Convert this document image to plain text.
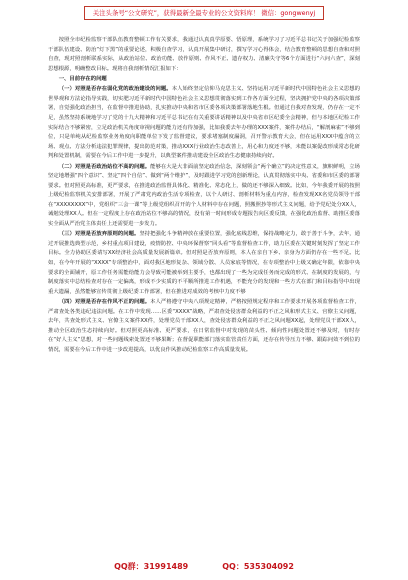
关注头条号“公文研究”，获得最新全最专业的公文资料库！ 微信：gongwenyj

按照全市纪检监察干部队伍教育整顿工作有关要求，我通过认真真学原要、悟原理，系统学习了习近平总书记关于加强纪检监察干部队伍建设、防治“灯下黑”的重要论述，积极自查学习，认真开展集中研讨，撰写学习心得体会，结合教育整顿的思想自查和对照自查，现对照剖析联系实际，从政治站位、政治功能、放作原则、作风不正、遗存权力、清廉失守等6个方面进行“六问六查”，深刻思想根源，明确整改目标。现将自我剖析情况汇报如下：

一、目前存在的问题

（一）对照是否存在弱化党的政治建设的问题。本人始终坚定信仰马克思主义、坚持运用习近平新时代中国特色社会主义思想的世界观和方法论指导实践，切实肥习近平新时代中国特色社会主义思想贯彻落实到工作各方面全过程，坚决拥护党中央的各项决策部署，自觉强化政治担当，在监督中推进协助，扎实推动中央和省市区委各项决策部署落地生根。但通过自我对查发现，仍存在一定不足，虽然坚持系统地学习了党的十九大精神和习近平总书记在有关重要讲话精神以及中央省市区纪委全会精神，但与本地区纪检工作实际结合不够紧密，立足政治机关角度审视问题的能力还有待加强，比如我委去年办理的XXX案件，案件办结后，“解剖麻雀”不够到位，只是单纯从纪检监察业务角度向职能单位下发了监督建议，要求堵塞制度漏洞，召开警示教育大会，但在运用XXX中蕴含的立场、观点、方法分析违法犯罪规律，提出防范对策，推动XXX行业政治生态改善上，用心和力度还不够，未能以案促改形成常态化研判和处置机制，需要在今后工作中进一步提升，以典型案件推动建设全区政治生态健康持续向好。

（二）对照是否政治站位不高的问题。能够在大是大非面前坚定政治信念，深刻领会“两个确立”的决定性意义，旗帜鲜明，立场坚定地增强“四个意识”、坚定“四个自信”、做到“两个维护”，及时跟进学习党的创新理论，认真贯彻落实中央、省委和市区委的部署要求。但对照更高标准，更严要求，在推进政治监督具体化、精准化、常态化上，做的还不够深入细致。比如，今年我委开展的按照上级纪检监察机关安排部署，开展了严肃党内政治生活专项检查，以个人研讨、剖析材料为重点内容，检查发现XX名党员领导干部在“XXXXXXXX”中，党组织“三会一课”等上级党组织召开的个人材料中存在问题，照搬照抄等形式主义问题，给予党纪处分XX人，诫勉处理XX人。但在一定程度上存在政治站位不够高的情况，没有第一时间形成专题报告向区委反馈，在强化政治监督、助推区委落实全面从严治党主体责任上还需要进一步发力。

（三）对照是否放弃原则的问题。坚持把强化斗争精神放在重要位置，强化底线思维，保持战略定力，敢于善于斗争，去年，通过开展推选典型示范，乡村重点项目建设，疫情防控、中央环保督察“回头看”等监督检查工作，助力区委在关键时刻发挥了坚定工作目标。全力协助区委请写XX经济社会高质量发展新篇章。但对照是否放弃原则，本人在亲自下乡、亲身为方面仍存在一些不足。比如，在今年开展的“XXXX”专项整治中，面对我区地形复杂、领域分散、人员家底等情况，在专项整治中上级又确定年限，依靠中央要求的全面铺开，原工作任务需能给能力会导致可能被举到主要手，也都出现了一些为完成任务而完成的形式、在制度的发展的，与制度落实中总结检查对存在一定偏离，形成不少实质的不平顺所推进工作机遇，不能充分的发现和一些方式在部门和目标指导中出现重大遗漏，虽然能够宣传贯彻上级纪委工作部署，但在推进对成效的考核中力度不够

（四）对照是否存在作风不正的问题。本人严格遵守中央八项规定精神，严格按照规定程序和工作要求开展各项监督检查工作，严肃查处各类违纪违法问题。在工作中发现……区委“XXXX”战略，严肃查处侵害群众利益的不正之风和形式主义、官僚主义问题，去年，共查处形式主义、官僚主义案件XX件，处理党员干部XX人，查处侵害群众利益的不正之风问题XX起，处理党员干部XX人，推动全区政治生态持续向好。但对照更高标准、更严要求，在日常监督中对发现的苗头性、倾向性问题处置还不够及时，有时存在“好人主义”思想，对一些问题线索处置还不够果断；在督促职能部门落实监管责任方面，还存在传导压力不够、跟踪问效不到位的情况，需要在今后工作中进一步改进提高，以优良作风推动纪检监察工作高质量发展。

QQ群：31991489	QQ：535304092
